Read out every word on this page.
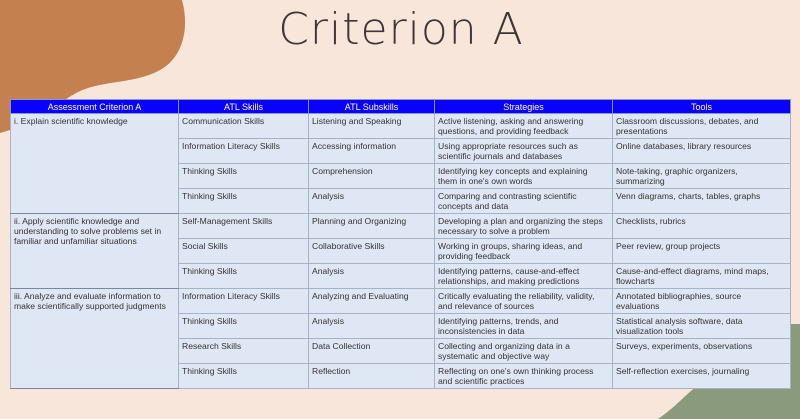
Criterion A
Assessment Criterion A	ATL Skills	ATL Subskills	Strategies	Tools
i. Explain scientific knowledge	Communication Skills	Listening and Speaking	Active listening, asking and answering questions, and providing feedback	Classroom discussions, debates, and presentations
	Information Literacy Skills	Accessing information	Using appropriate resources such as scientific journals and databases	Online databases, library resources
	Thinking Skills	Comprehension	Identifying key concepts and explaining them in one's own words	Note-taking, graphic organizers, summarizing
	Thinking Skills	Analysis	Comparing and contrasting scientific concepts and data	Venn diagrams, charts, tables, graphs
ii. Apply scientific knowledge and understanding to solve problems set in familiar and unfamiliar situations	Self-Management Skills	Planning and Organizing	Developing a plan and organizing the steps necessary to solve a problem	Checklists, rubrics
	Social Skills	Collaborative Skills	Working in groups, sharing ideas, and providing feedback	Peer review, group projects
	Thinking Skills	Analysis	Identifying patterns, cause-and-effect relationships, and making predictions	Cause-and-effect diagrams, mind maps, flowcharts
iii. Analyze and evaluate information to make scientifically supported judgments	Information Literacy Skills	Analyzing and Evaluating	Critically evaluating the reliability, validity, and relevance of sources	Annotated bibliographies, source evaluations
	Thinking Skills	Analysis	Identifying patterns, trends, and inconsistencies in data	Statistical analysis software, data visualization tools
	Research Skills	Data Collection	Collecting and organizing data in a systematic and objective way	Surveys, experiments, observations
	Thinking Skills	Reflection	Reflecting on one's own thinking process and scientific practices	Self-reflection exercises, journaling
